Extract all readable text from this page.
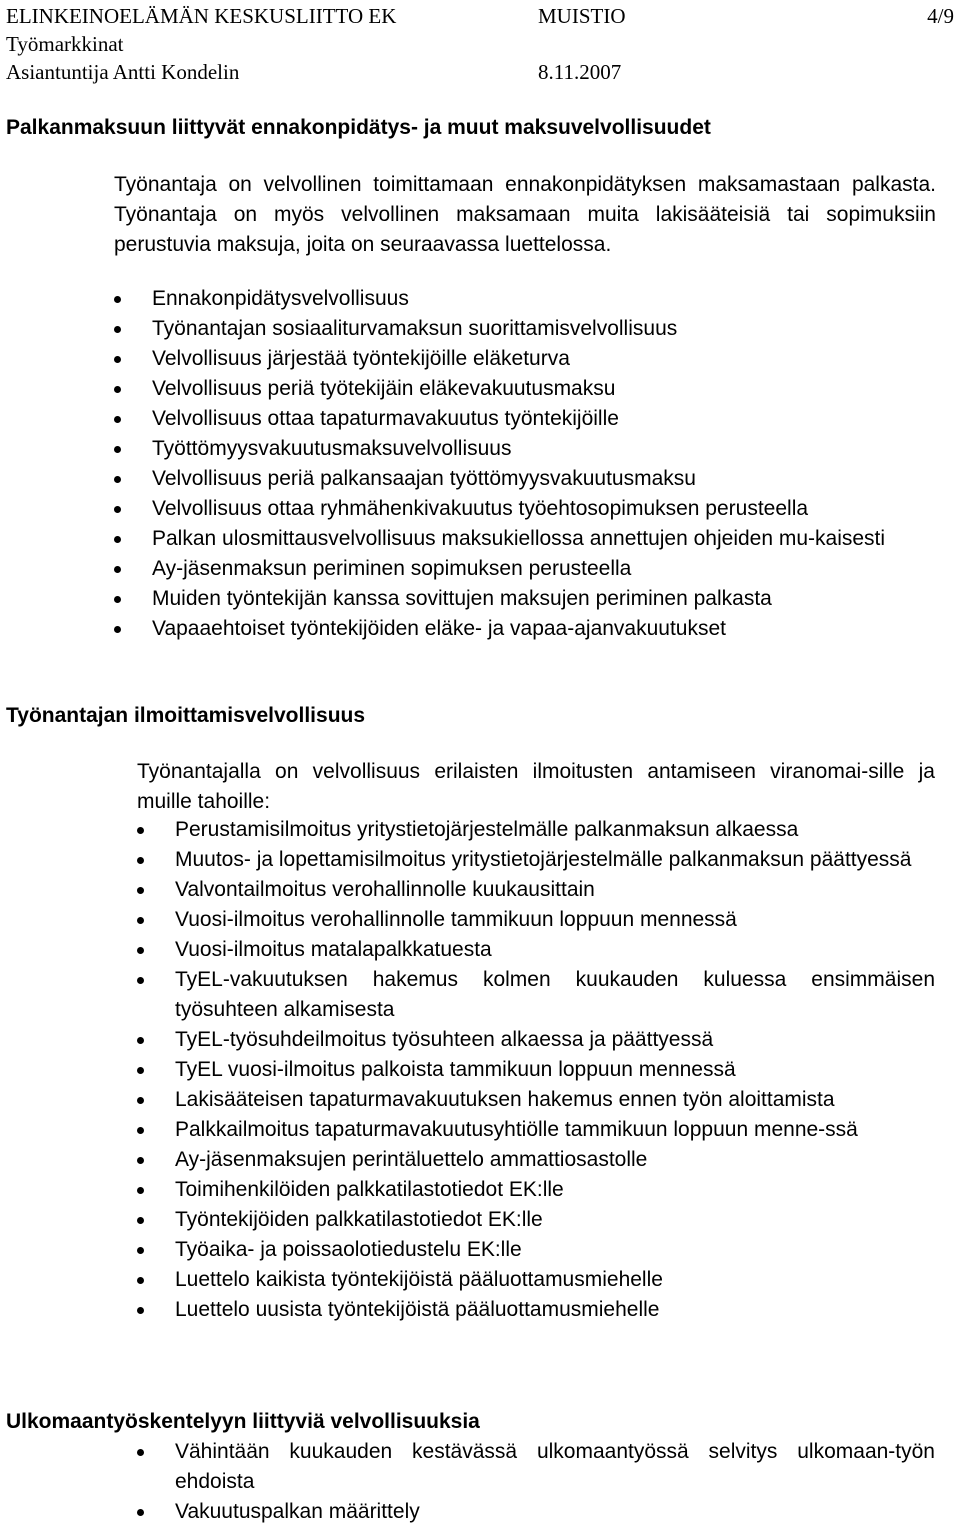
ELINKEINOELÄMÄN KESKUSLIITTO EK	MUISTIO	4/9
Työmarkkinat
Asiantuntija Antti Kondelin	8.11.2007
Palkanmaksuun liittyvät ennakonpidätys- ja muut maksuvelvollisuudet
Työnantaja on velvollinen toimittamaan ennakonpidätyksen maksamastaan palkasta. Työnantaja on myös velvollinen maksamaan muita lakisääteisiä tai sopimuksiin perustuvia maksuja, joita on seuraavassa luettelossa.
Ennakonpidätysvelvollisuus
Työnantajan sosiaaliturvamaksun suorittamisvelvollisuus
Velvollisuus järjestää työntekijöille eläketurva
Velvollisuus periä työtekijäin eläkevakuutusmaksu
Velvollisuus ottaa tapaturmavakuutus työntekijöille
Työttömyysvakuutusmaksuvelvollisuus
Velvollisuus periä palkansaajan työttömyysvakuutusmaksu
Velvollisuus ottaa ryhmähenkivakuutus työehtosopimuksen perusteella
Palkan ulosmittausvelvollisuus maksukiellossa annettujen ohjeiden mu-kaisesti
Ay-jäsenmaksun periminen sopimuksen perusteella
Muiden työntekijän kanssa sovittujen maksujen periminen palkasta
Vapaaehtoiset työntekijöiden eläke- ja vapaa-ajanvakuutukset
Työnantajan ilmoittamisvelvollisuus
Työnantajalla on velvollisuus erilaisten ilmoitusten antamiseen viranomai-sille ja muille tahoille:
Perustamisilmoitus yritystietojärjestelmälle palkanmaksun alkaessa
Muutos- ja lopettamisilmoitus yritystietojärjestelmälle palkanmaksun päättyessä
Valvontailmoitus verohallinnolle kuukausittain
Vuosi-ilmoitus verohallinnolle tammikuun loppuun mennessä
Vuosi-ilmoitus matalapalkkatuesta
TyEL-vakuutuksen hakemus kolmen kuukauden kuluessa ensimmäisen työsuhteen alkamisesta
TyEL-työsuhdeilmoitus työsuhteen alkaessa ja päättyessä
TyEL vuosi-ilmoitus palkoista tammikuun loppuun mennessä
Lakisääteisen tapaturmavakuutuksen hakemus ennen työn aloittamista
Palkkailmoitus tapaturmavakuutusyhtiölle tammikuun loppuun menne-ssä
Ay-jäsenmaksujen perintäluettelo ammattiosastolle
Toimihenkilöiden palkkatilastotiedot EK:lle
Työntekijöiden palkkatilastotiedot EK:lle
Työaika- ja poissaolotiedustelu EK:lle
Luettelo kaikista työntekijöistä pääluottamusmiehelle
Luettelo uusista työntekijöistä pääluottamusmiehelle
Ulkomaantyöskentelyyn liittyviä velvollisuuksia
Vähintään kuukauden kestävässä ulkomaantyössä selvitys ulkomaan-työn ehdoista
Vakuutuspalkan määrittely
